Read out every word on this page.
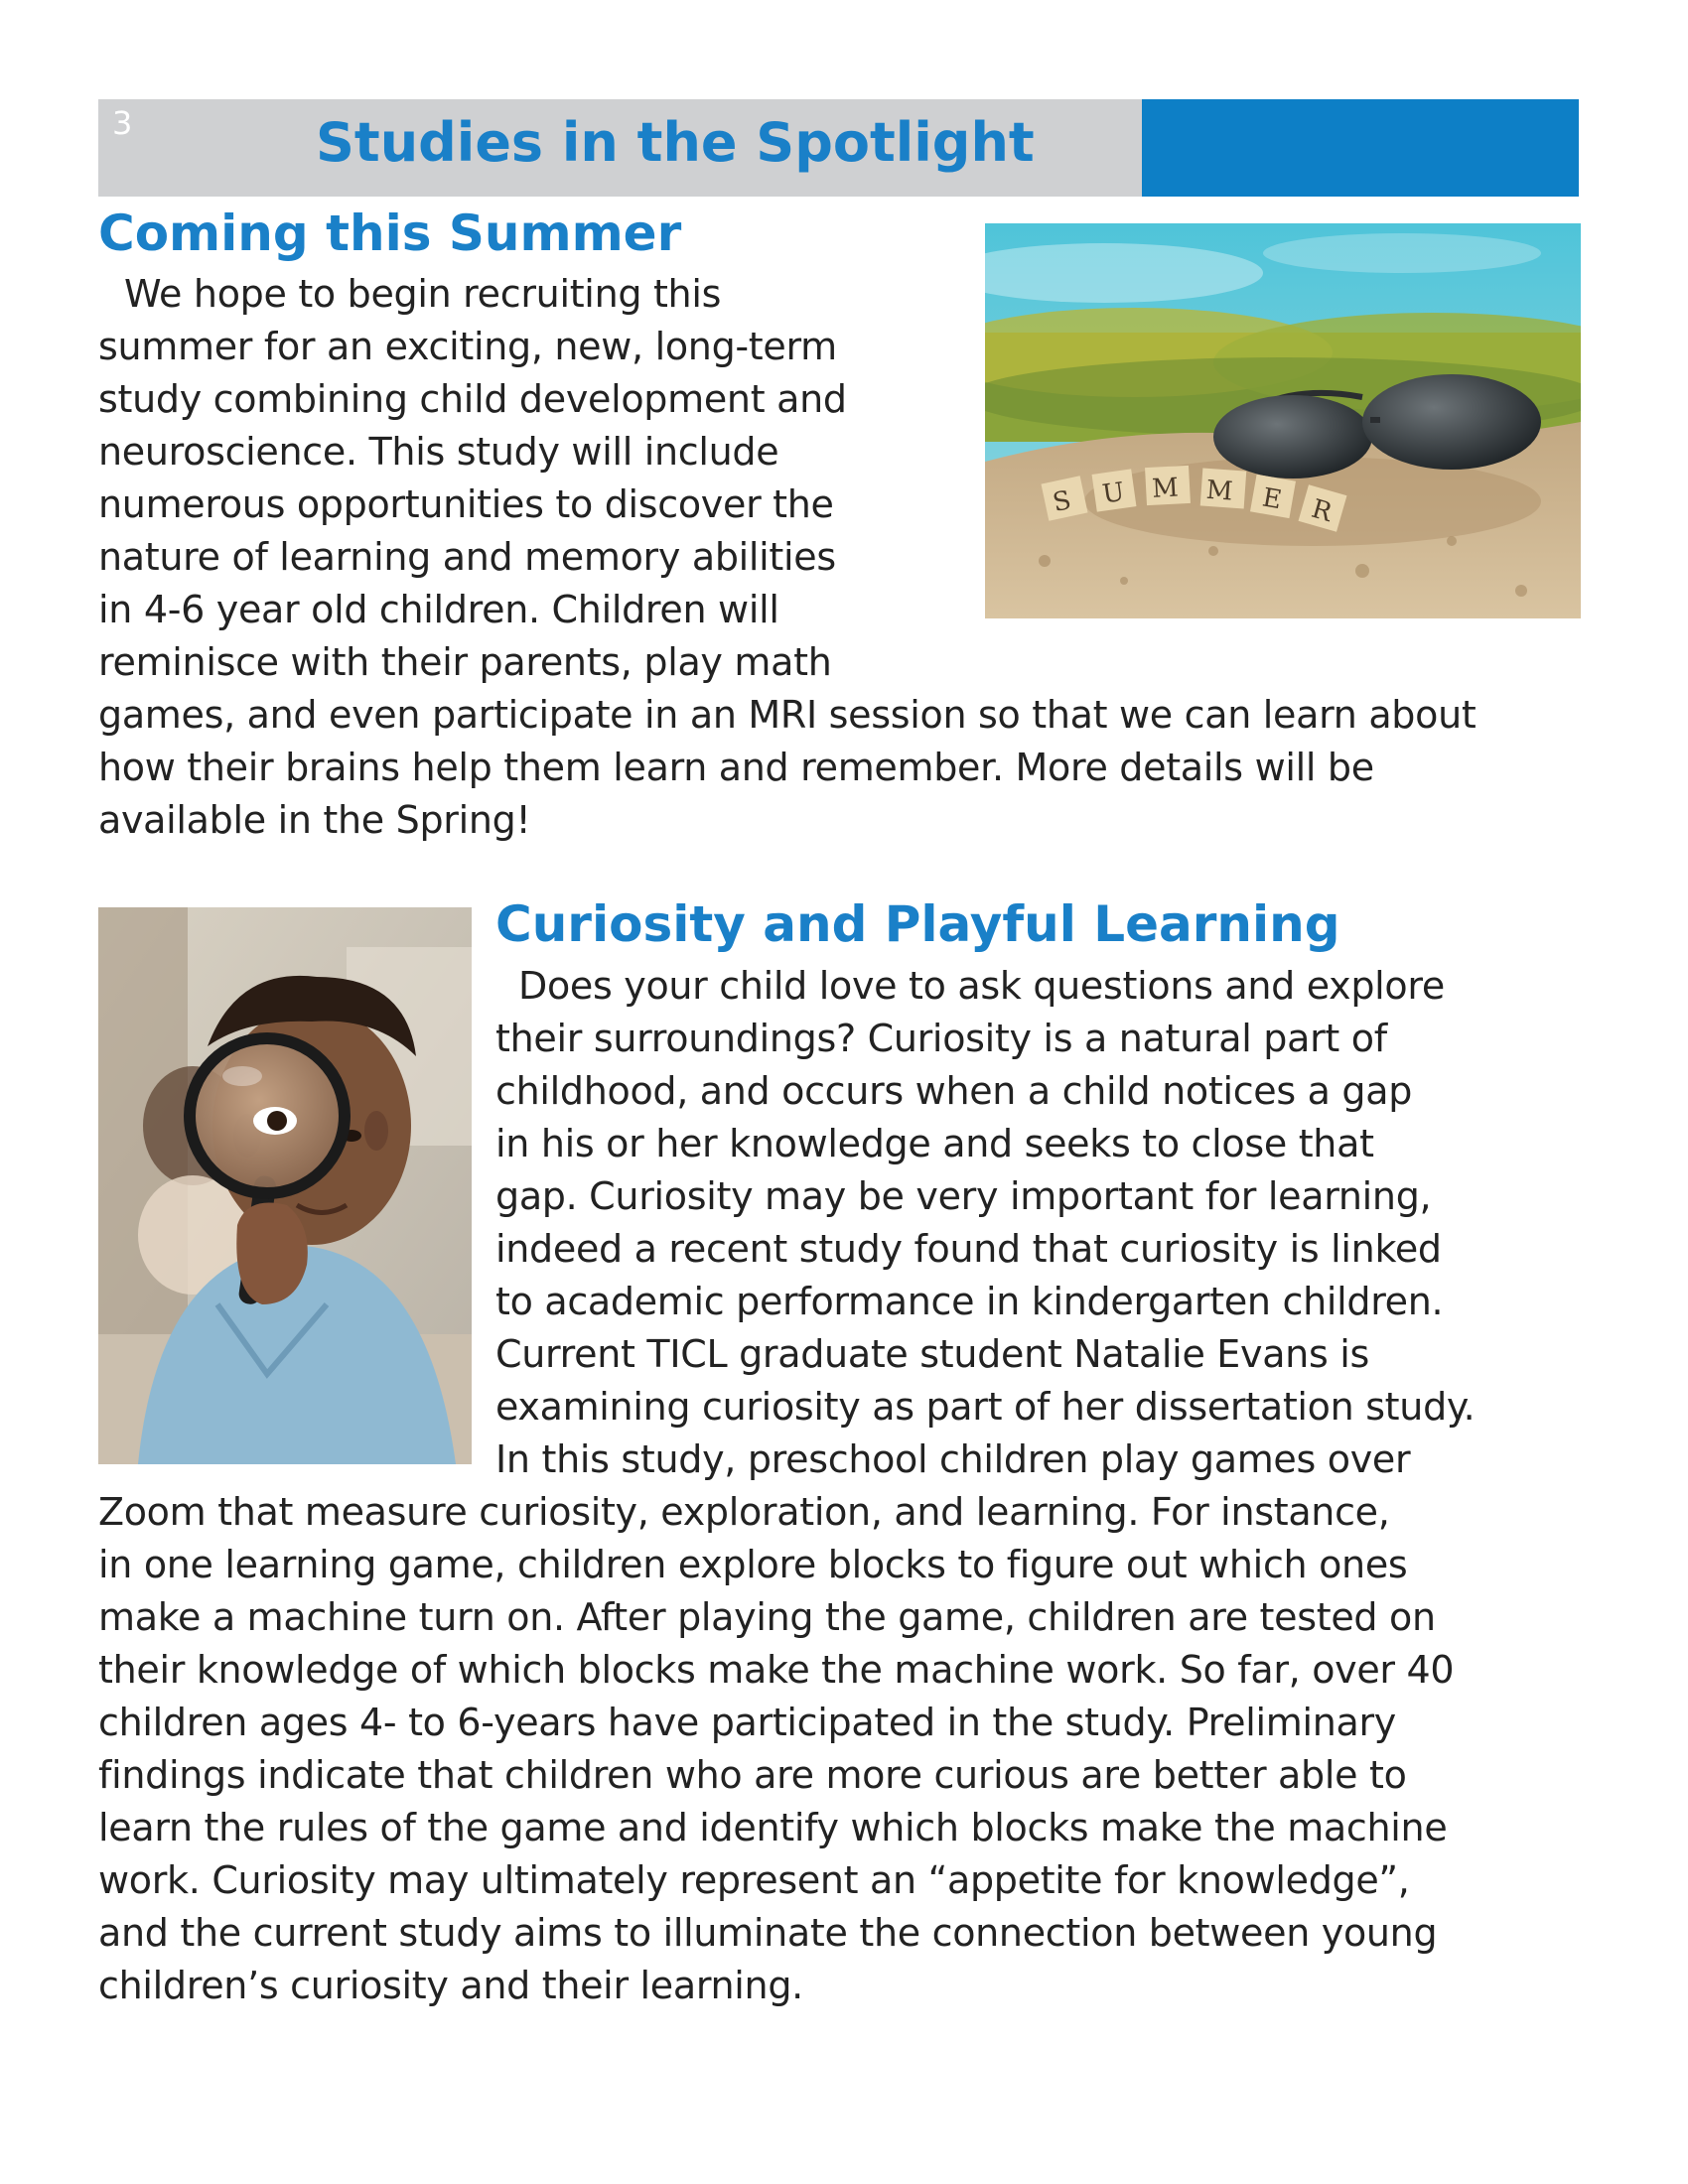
3	Studies in the Spotlight
Coming this Summer
We hope to begin recruiting this
summer for an exciting, new, long-term
study combining child development and
neuroscience. This study will include
numerous opportunities to discover the
nature of learning and memory abilities
in 4-6 year old children. Children will
reminisce with their parents, play math
games, and even participate in an MRI session so that we can learn about
how their brains help them learn and remember. More details will be
available in the Spring!
S U M M E R
Curiosity and Playful Learning
Does your child love to ask questions and explore
their surroundings? Curiosity is a natural part of
childhood, and occurs when a child notices a gap
in his or her knowledge and seeks to close that
gap. Curiosity may be very important for learning,
indeed a recent study found that curiosity is linked
to academic performance in kindergarten children.
Current TICL graduate student Natalie Evans is
examining curiosity as part of her dissertation study.
In this study, preschool children play games over
Zoom that measure curiosity, exploration, and learning. For instance,
in one learning game, children explore blocks to figure out which ones
make a machine turn on. After playing the game, children are tested on
their knowledge of which blocks make the machine work. So far, over 40
children ages 4- to 6-years have participated in the study. Preliminary
findings indicate that children who are more curious are better able to
learn the rules of the game and identify which blocks make the machine
work. Curiosity may ultimately represent an “appetite for knowledge”,
and the current study aims to illuminate the connection between young
children’s curiosity and their learning.
